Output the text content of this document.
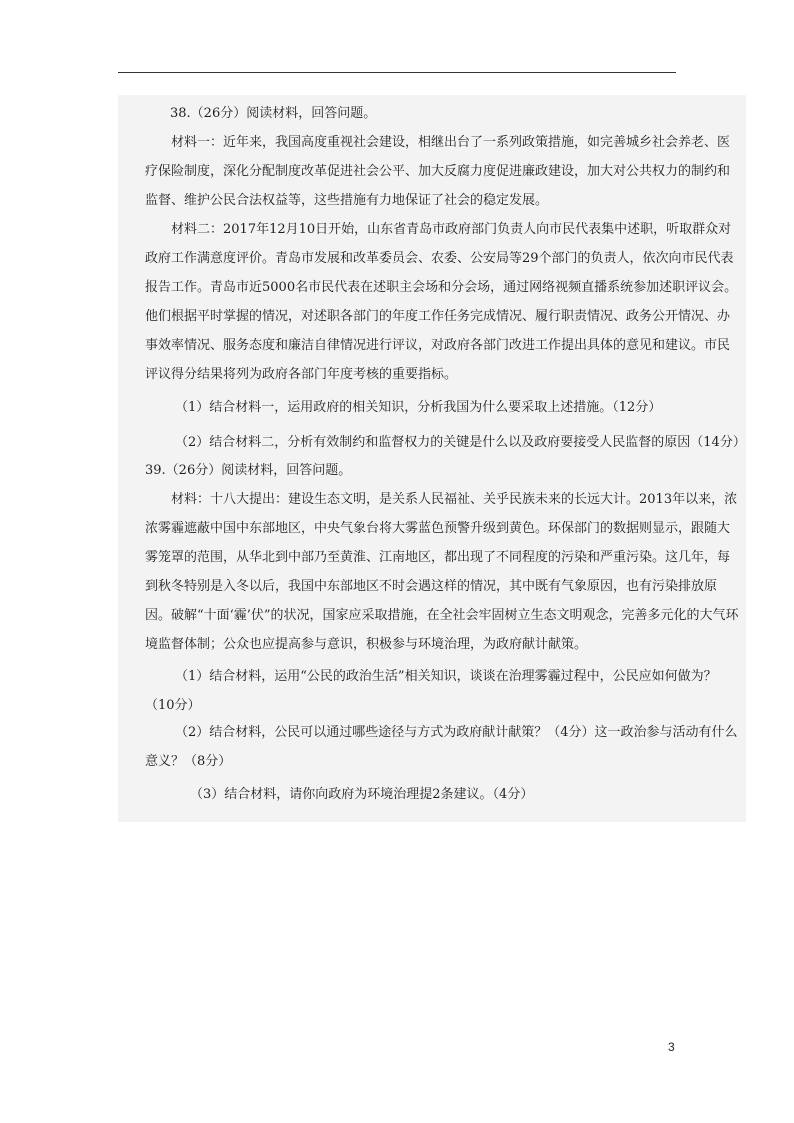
38.（26分）阅读材料，回答问题。

材料一：近年来，我国高度重视社会建设，相继出台了一系列政策措施，如完善城乡社会养老、医疗保险制度，深化分配制度改革促进社会公平、加大反腐力度促进廉政建设，加大对公共权力的制约和监督、维护公民合法权益等，这些措施有力地保证了社会的稳定发展。

材料二：2017年12月10日开始，山东省青岛市政府部门负责人向市民代表集中述职，听取群众对政府工作满意度评价。青岛市发展和改革委员会、农委、公安局等29个部门的负责人，依次向市民代表报告工作。青岛市近5000名市民代表在述职主会场和分会场，通过网络视频直播系统参加述职评议会。他们根据平时掌握的情况，对述职各部门的年度工作任务完成情况、履行职责情况、政务公开情况、办事效率情况、服务态度和廉洁自律情况进行评议，对政府各部门改进工作提出具体的意见和建议。市民评议得分结果将列为政府各部门年度考核的重要指标。

（1）结合材料一，运用政府的相关知识，分析我国为什么要采取上述措施。（12分）

（2）结合材料二，分析有效制约和监督权力的关键是什么以及政府要接受人民监督的原因（14分）

39.（26分）阅读材料，回答问题。

材料：十八大提出：建设生态文明，是关系人民福祉、关乎民族未来的长远大计。2013年以来，浓浓雾霾遮蔽中国中东部地区，中央气象台将大雾蓝色预警升级到黄色。环保部门的数据则显示，跟随大雾笼罩的范围，从华北到中部乃至黄淮、江南地区，都出现了不同程度的污染和严重污染。这几年，每到秋冬特别是入冬以后，我国中东部地区不时会遇这样的情况，其中既有气象原因，也有污染排放原因。破解“十面‘霾’伏”的状况，国家应采取措施，在全社会牢固树立生态文明观念，完善多元化的大气环境监督体制；公众也应提高参与意识，积极参与环境治理，为政府献计献策。

（1）结合材料，运用“公民的政治生活”相关知识，谈谈在治理雾霾过程中，公民应如何做为？（10分）

（2）结合材料，公民可以通过哪些途径与方式为政府献计献策？（4分）这一政治参与活动有什么意义？（8分）

（3）结合材料，请你向政府为环境治理提2条建议。（4分）

3
